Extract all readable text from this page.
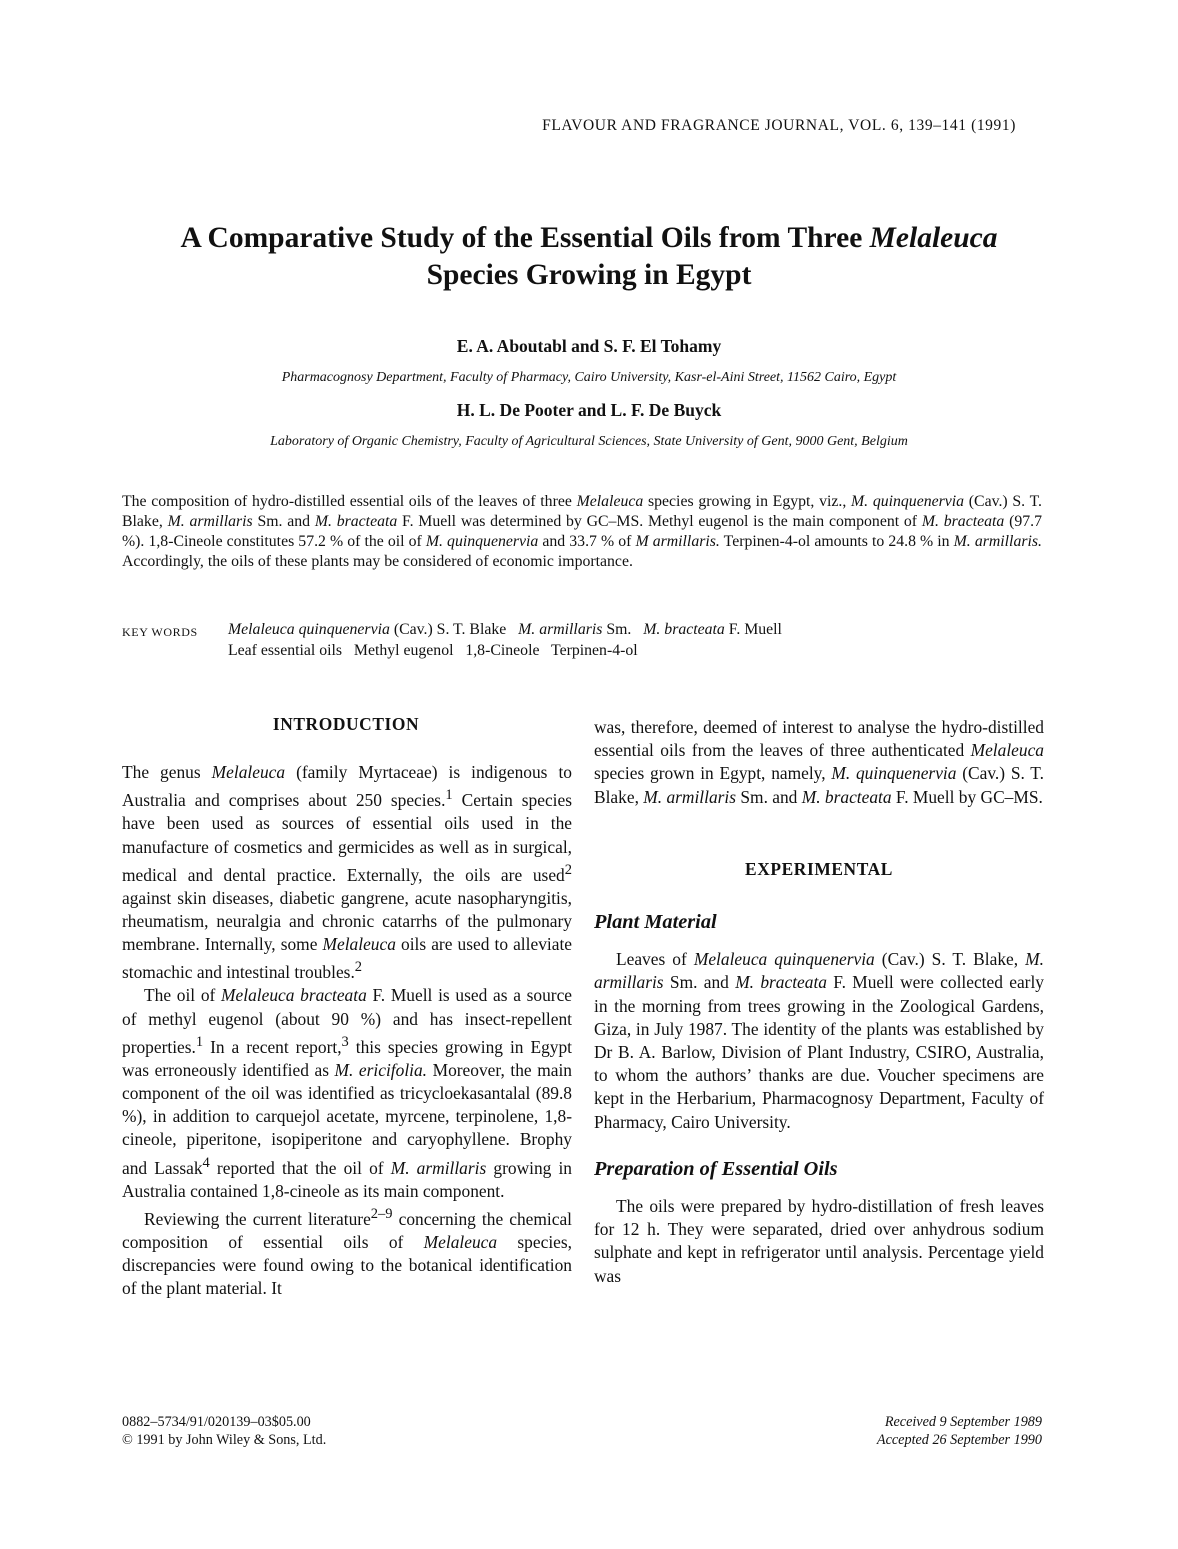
FLAVOUR AND FRAGRANCE JOURNAL, VOL. 6, 139–141 (1991)
A Comparative Study of the Essential Oils from Three Melaleuca
Species Growing in Egypt
E. A. Aboutabl and S. F. El Tohamy
Pharmacognosy Department, Faculty of Pharmacy, Cairo University, Kasr-el-Aini Street, 11562 Cairo, Egypt
H. L. De Pooter and L. F. De Buyck
Laboratory of Organic Chemistry, Faculty of Agricultural Sciences, State University of Gent, 9000 Gent, Belgium
The composition of hydro-distilled essential oils of the leaves of three Melaleuca species growing in Egypt, viz., M. quinquenervia (Cav.) S. T. Blake, M. armillaris Sm. and M. bracteata F. Muell was determined by GC–MS. Methyl eugenol is the main component of M. bracteata (97.7 %). 1,8-Cineole constitutes 57.2 % of the oil of M. quinquenervia and 33.7 % of M armillaris. Terpinen-4-ol amounts to 24.8 % in M. armillaris. Accordingly, the oils of these plants may be considered of economic importance.
KEY WORDS Melaleuca quinquenervia (Cav.) S. T. Blake   M. armillaris Sm.   M. bracteata F. Muell
Leaf essential oils   Methyl eugenol   1,8-Cineole   Terpinen-4-ol
INTRODUCTION

The genus Melaleuca (family Myrtaceae) is indigenous to Australia and comprises about 250 species.$^1$ Certain species have been used as sources of essential oils used in the manufacture of cosmetics and germicides as well as in surgical, medical and dental practice. Externally, the oils are used$^2$ against skin diseases, diabetic gangrene, acute nasopharyngitis, rheumatism, neuralgia and chronic catarrhs of the pulmonary membrane. Internally, some Melaleuca oils are used to alleviate stomachic and intestinal troubles.$^2$

The oil of Melaleuca bracteata F. Muell is used as a source of methyl eugenol (about 90 %) and has insect-repellent properties.$^1$ In a recent report,$^3$ this species growing in Egypt was erroneously identified as M. ericifolia. Moreover, the main component of the oil was identified as tricycloekasantalal (89.8 %), in addition to carquejol acetate, myrcene, terpinolene, 1,8-cineole, piperitone, isopiperitone and caryophyllene. Brophy and Lassak$^4$ reported that the oil of M. armillaris growing in Australia contained 1,8-cineole as its main component.

Reviewing the current literature$^{2-9}$ concerning the chemical composition of essential oils of Melaleuca species, discrepancies were found owing to the botanical identification of the plant material. It

was, therefore, deemed of interest to analyse the hydro-distilled essential oils from the leaves of three authenticated Melaleuca species grown in Egypt, namely, M. quinquenervia (Cav.) S. T. Blake, M. armillaris Sm. and M. bracteata F. Muell by GC–MS.

EXPERIMENTAL
Plant Material

Leaves of Melaleuca quinquenervia (Cav.) S. T. Blake, M. armillaris Sm. and M. bracteata F. Muell were collected early in the morning from trees growing in the Zoological Gardens, Giza, in July 1987. The identity of the plants was established by Dr B. A. Barlow, Division of Plant Industry, CSIRO, Australia, to whom the authors’ thanks are due. Voucher specimens are kept in the Herbarium, Pharmacognosy Department, Faculty of Pharmacy, Cairo University.

Preparation of Essential Oils

The oils were prepared by hydro-distillation of fresh leaves for 12 h. They were separated, dried over anhydrous sodium sulphate and kept in refrigerator until analysis. Percentage yield was

0882–5734/91/020139–03$05.00
© 1991 by John Wiley & Sons, Ltd.
Received 9 September 1989
Accepted 26 September 1990
